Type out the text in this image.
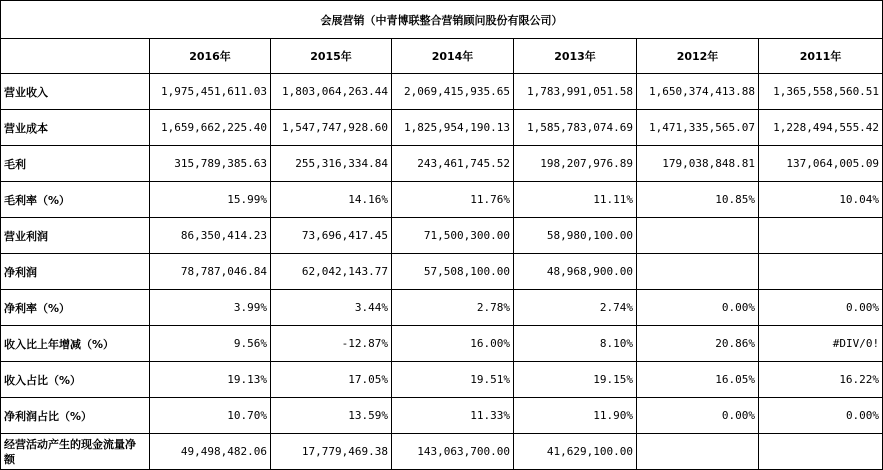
会展营销（中青博联整合营销顾问股份有限公司）						
	2016年	2015年	2014年	2013年	2012年	2011年
营业收入	1,975,451,611.03	1,803,064,263.44	2,069,415,935.65	1,783,991,051.58	1,650,374,413.88	1,365,558,560.51
营业成本	1,659,662,225.40	1,547,747,928.60	1,825,954,190.13	1,585,783,074.69	1,471,335,565.07	1,228,494,555.42
毛利	315,789,385.63	255,316,334.84	243,461,745.52	198,207,976.89	179,038,848.81	137,064,005.09
毛利率（%）	15.99%	14.16%	11.76%	11.11%	10.85%	10.04%
营业利润	86,350,414.23	73,696,417.45	71,500,300.00	58,980,100.00		
净利润	78,787,046.84	62,042,143.77	57,508,100.00	48,968,900.00		
净利率（%）	3.99%	3.44%	2.78%	2.74%	0.00%	0.00%
收入比上年增减（%）	9.56%	-12.87%	16.00%	8.10%	20.86%	#DIV/0!
收入占比（%）	19.13%	17.05%	19.51%	19.15%	16.05%	16.22%
净利润占比（%）	10.70%	13.59%	11.33%	11.90%	0.00%	0.00%
经营活动产生的现金流量净额	49,498,482.06	17,779,469.38	143,063,700.00	41,629,100.00		
